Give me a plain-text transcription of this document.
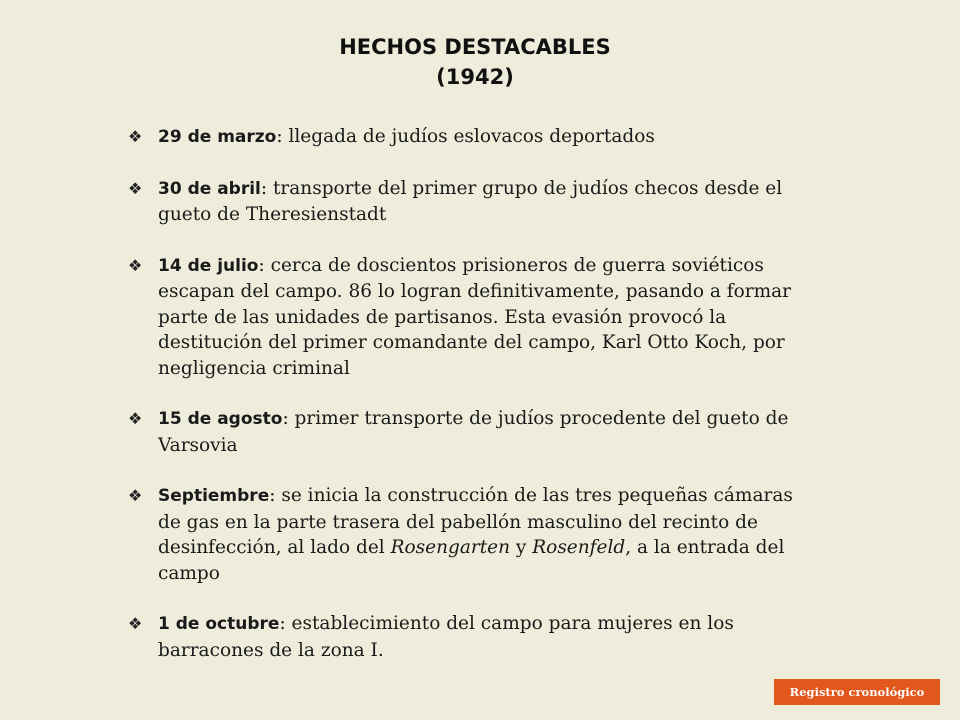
HECHOS DESTACABLES
(1942)
❖ 29 de marzo: llegada de judíos eslovacos deportados
❖ 30 de abril: transporte del primer grupo de judíos checos desde el gueto de Theresienstadt
❖ 14 de julio: cerca de doscientos prisioneros de guerra soviéticos escapan del campo. 86 lo logran definitivamente, pasando a formar parte de las unidades de partisanos. Esta evasión provocó la destitución del primer comandante del campo, Karl Otto Koch, por negligencia criminal
❖ 15 de agosto: primer transporte de judíos procedente del gueto de Varsovia
❖ Septiembre: se inicia la construcción de las tres pequeñas cámaras de gas en la parte trasera del pabellón masculino del recinto de desinfección, al lado del Rosengarten y Rosenfeld, a la entrada del campo
❖ 1 de octubre: establecimiento del campo para mujeres en los barracones de la zona I.
Registro cronológico
